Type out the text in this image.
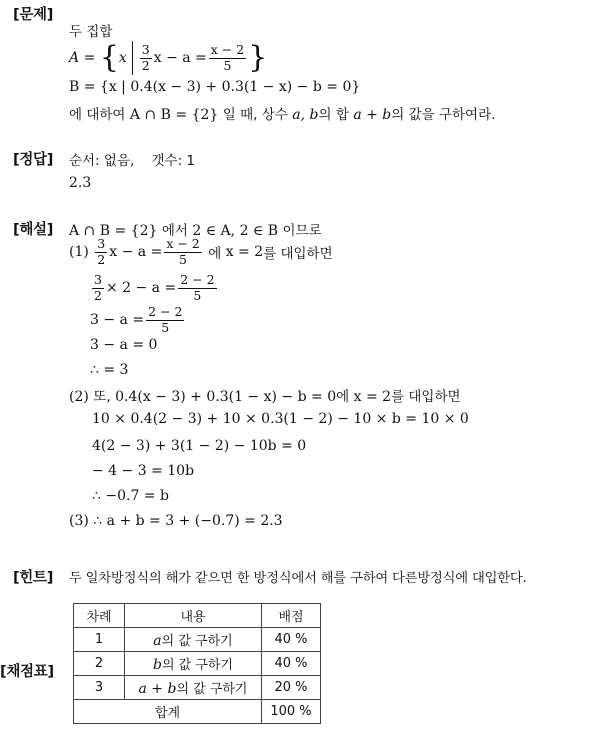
[문제]
[정답]
[해설]
[힌트]
[채점표]
두 집합
A = { x $\frac{3}{2}$ $x - a = \frac{x - 2}{5}$ }
B = {x | 0.4(x − 3) + 0.3(1 − x) − b = 0}
에 대하여 A ∩ B = {2} 일 때, 상수 a, b의 합 a + b의 값을 구하여라.
순서: 없음, 갯수: 1
2.3
A ∩ B = {2} 에서 2 ∈ A, 2 ∈ B 이므로
(1)
$\frac{3}{2}$ $x - a = \frac{x - 2}{5}$
에
x = 2 를 대입하면
$\frac{3}{2} \times 2 - a = \frac{2 - 2}{5}$
$3 - a = \frac{2 - 2}{5}$
3 − a = 0
∴ = 3
(2) 또, 0.4(x − 3) + 0.3(1 − x) − b = 0에 x = 2를 대입하면
10 × 0.4(2 − 3) + 10 × 0.3(1 − 2) − 10 × b = 10 × 0
4(2 − 3) + 3(1 − 2) − 10b = 0
− 4 − 3 = 10b
∴ −0.7 = b
(3) ∴ a + b = 3 + (−0.7) = 2.3
두 일차방정식의 해가 같으면 한 방정식에서 해를 구하여 다른방정식에 대입한다.
차례	내용	배점
1	a의 값 구하기	40 %
2	b의 값 구하기	40 %
3	a + b의 값 구하기	20 %
합계		100 %
